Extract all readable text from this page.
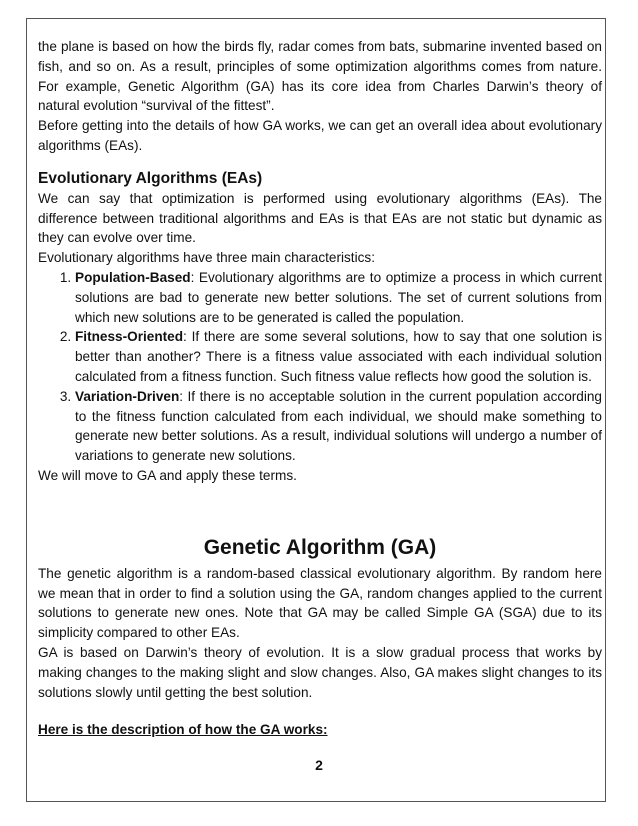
the plane is based on how the birds fly, radar comes from bats, submarine invented based on fish, and so on. As a result, principles of some optimization algorithms comes from nature. For example, Genetic Algorithm (GA) has its core idea from Charles Darwin’s theory of natural evolution “survival of the fittest”.

Before getting into the details of how GA works, we can get an overall idea about evolutionary algorithms (EAs).

Evolutionary Algorithms (EAs)

We can say that optimization is performed using evolutionary algorithms (EAs). The difference between traditional algorithms and EAs is that EAs are not static but dynamic as they can evolve over time.

Evolutionary algorithms have three main characteristics:

1. Population-Based: Evolutionary algorithms are to optimize a process in which current solutions are bad to generate new better solutions. The set of current solutions from which new solutions are to be generated is called the population.
2. Fitness-Oriented: If there are some several solutions, how to say that one solution is better than another? There is a fitness value associated with each individual solution calculated from a fitness function. Such fitness value reflects how good the solution is.
3. Variation-Driven: If there is no acceptable solution in the current population according to the fitness function calculated from each individual, we should make something to generate new better solutions. As a result, individual solutions will undergo a number of variations to generate new solutions.

We will move to GA and apply these terms.

Genetic Algorithm (GA)

The genetic algorithm is a random-based classical evolutionary algorithm. By random here we mean that in order to find a solution using the GA, random changes applied to the current solutions to generate new ones. Note that GA may be called Simple GA (SGA) due to its simplicity compared to other EAs.

GA is based on Darwin’s theory of evolution. It is a slow gradual process that works by making changes to the making slight and slow changes. Also, GA makes slight changes to its solutions slowly until getting the best solution.

Here is the description of how the GA works:

2
